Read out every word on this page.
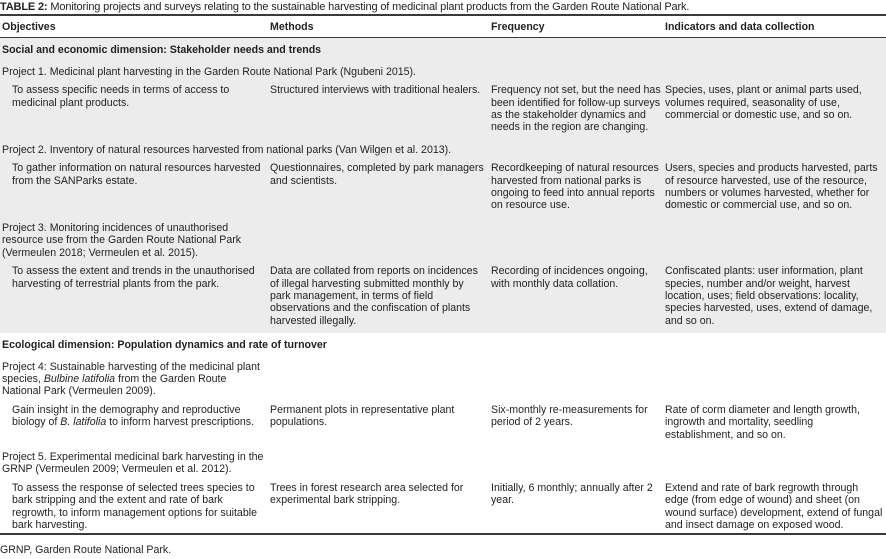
TABLE 2: Monitoring projects and surveys relating to the sustainable harvesting of medicinal plant products from the Garden Route National Park.
Objectives	Methods	Frequency	Indicators and data collection
Social and economic dimension: Stakeholder needs and trends			
Project 1. Medicinal plant harvesting in the Garden Route National Park (Ngubeni 2015).			
To assess specific needs in terms of access to medicinal plant products.	Structured interviews with traditional healers.	Frequency not set, but the need has been identified for follow-up surveys as the stakeholder dynamics and needs in the region are changing.	Species, uses, plant or animal parts used, volumes required, seasonality of use, commercial or domestic use, and so on.
Project 2. Inventory of natural resources harvested from national parks (Van Wilgen et al. 2013).			
To gather information on natural resources harvested from the SANParks estate.	Questionnaires, completed by park managers and scientists.	Recordkeeping of natural resources harvested from national parks is ongoing to feed into annual reports on resource use.	Users, species and products harvested, parts of resource harvested, use of the resource, numbers or volumes harvested, whether for domestic or commercial use, and so on.
Project 3. Monitoring incidences of unauthorised resource use from the Garden Route National Park (Vermeulen 2018; Vermeulen et al. 2015).			
To assess the extent and trends in the unauthorised harvesting of terrestrial plants from the park.	Data are collated from reports on incidences of illegal harvesting submitted monthly by park management, in terms of field observations and the confiscation of plants harvested illegally.	Recording of incidences ongoing, with monthly data collation.	Confiscated plants: user information, plant species, number and/or weight, harvest location, uses; field observations: locality, species harvested, uses, extend of damage, and so on.
Ecological dimension: Population dynamics and rate of turnover			
Project 4: Sustainable harvesting of the medicinal plant species, Bulbine latifolia from the Garden Route National Park (Vermeulen 2009).			
Gain insight in the demography and reproductive biology of B. latifolia to inform harvest prescriptions.	Permanent plots in representative plant populations.	Six-monthly re-measurements for period of 2 years.	Rate of corm diameter and length growth, ingrowth and mortality, seedling establishment, and so on.
Project 5. Experimental medicinal bark harvesting in the GRNP (Vermeulen 2009; Vermeulen et al. 2012).			
To assess the response of selected trees species to bark stripping and the extent and rate of bark regrowth, to inform management options for suitable bark harvesting.	Trees in forest research area selected for experimental bark stripping.	Initially, 6 monthly; annually after 2 year.	Extend and rate of bark regrowth through edge (from edge of wound) and sheet (on wound surface) development, extend of fungal and insect damage on exposed wood.
GRNP, Garden Route National Park.
